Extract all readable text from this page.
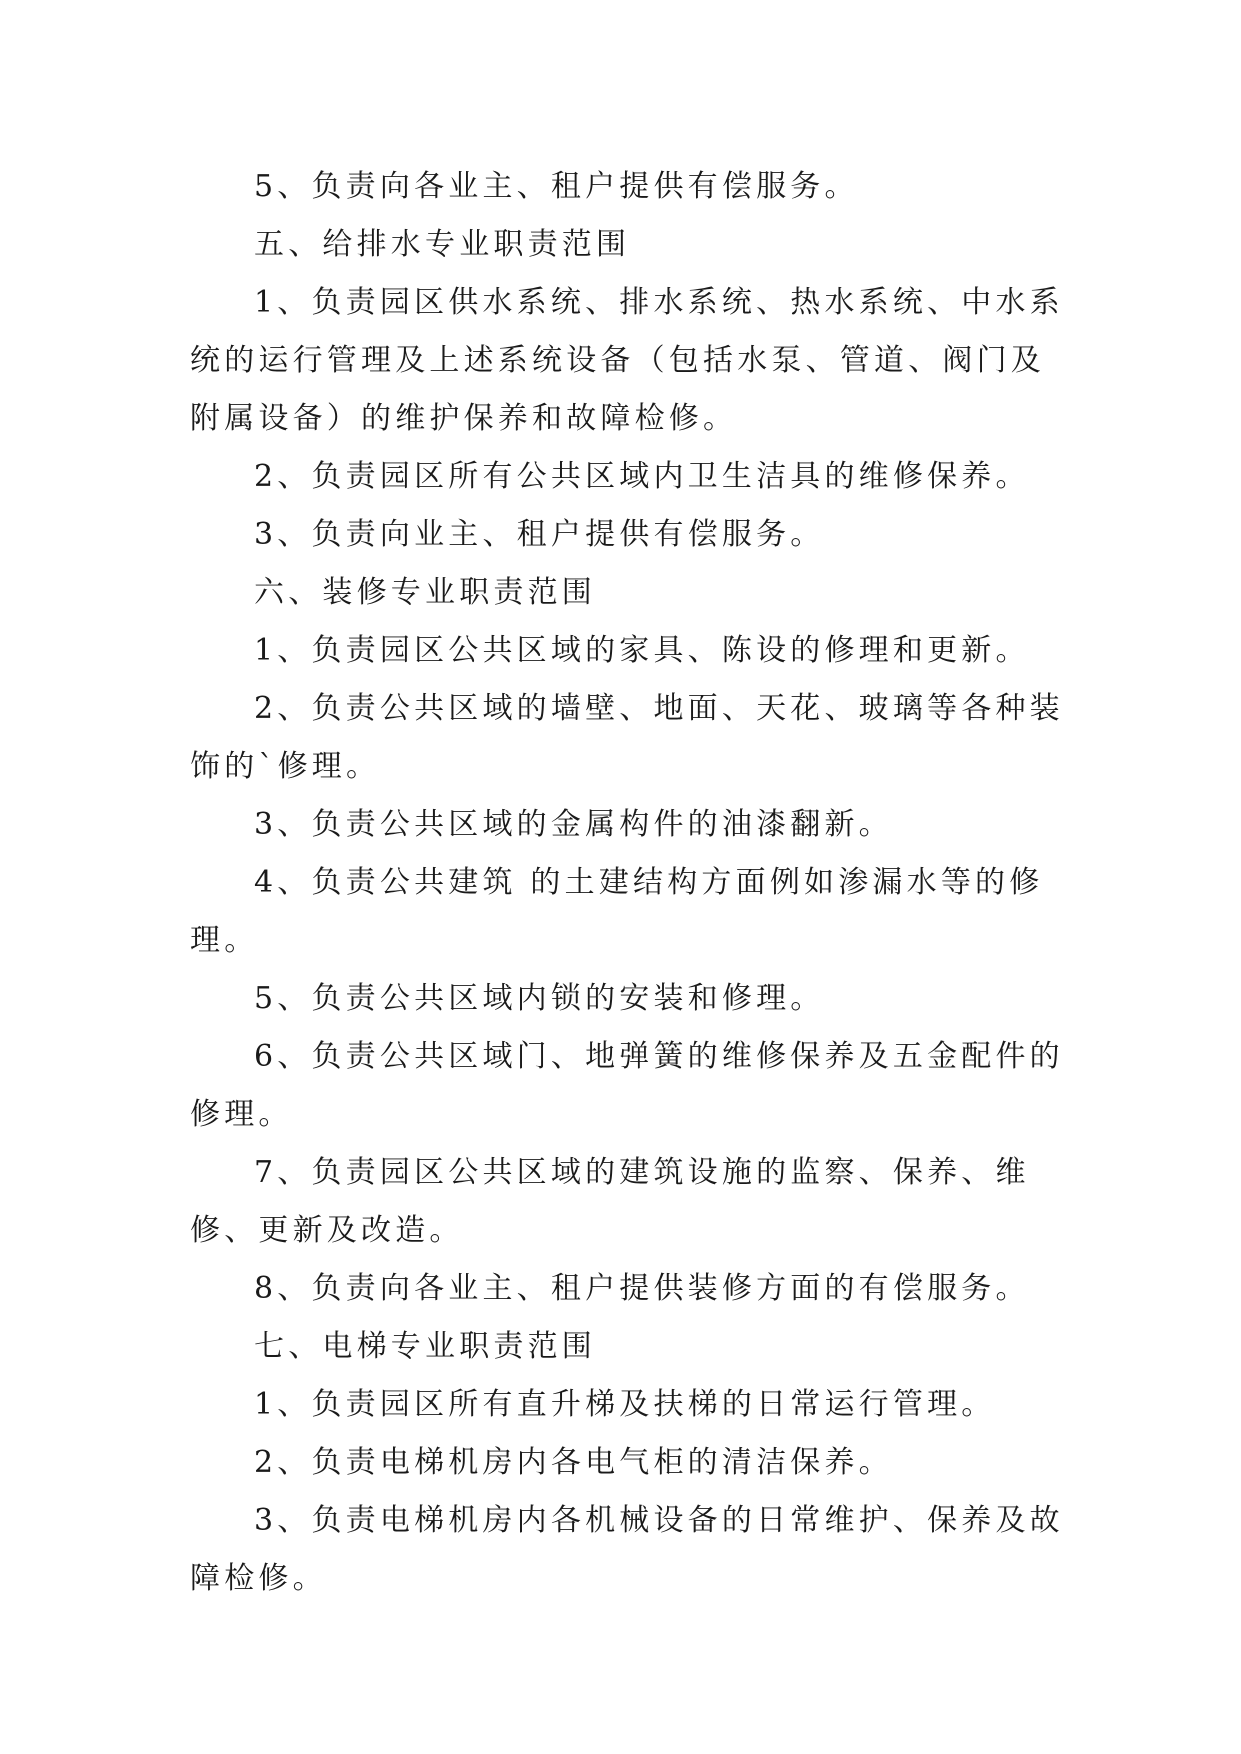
5、负责向各业主、租户提供有偿服务。

五、给排水专业职责范围

1、负责园区供水系统、排水系统、热水系统、中水系统的运行管理及上述系统设备（包括水泵、管道、阀门及附属设备）的维护保养和故障检修。

2、负责园区所有公共区域内卫生洁具的维修保养。

3、负责向业主、租户提供有偿服务。

六、装修专业职责范围

1、负责园区公共区域的家具、陈设的修理和更新。

2、负责公共区域的墙壁、地面、天花、玻璃等各种装饰的`修理。

3、负责公共区域的金属构件的油漆翻新。

4、负责公共建筑 的土建结构方面例如渗漏水等的修理。

5、负责公共区域内锁的安装和修理。

6、负责公共区域门、地弹簧的维修保养及五金配件的修理。

7、负责园区公共区域的建筑设施的监察、保养、维修、更新及改造。

8、负责向各业主、租户提供装修方面的有偿服务。

七、电梯专业职责范围

1、负责园区所有直升梯及扶梯的日常运行管理。

2、负责电梯机房内各电气柜的清洁保养。

3、负责电梯机房内各机械设备的日常维护、保养及故障检修。
